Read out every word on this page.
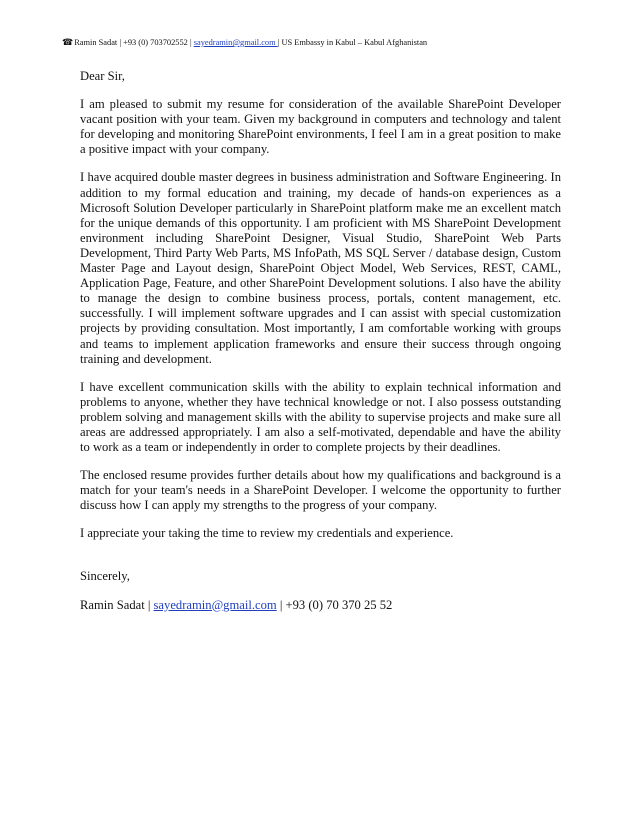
☎Ramin Sadat | +93 (0) 703702552 | sayedramin@gmail.com | US Embassy in Kabul – Kabul Afghanistan

Dear Sir,

I am pleased to submit my resume for consideration of the available SharePoint Developer vacant position with your team. Given my background in computers and technology and talent for developing and monitoring SharePoint environments, I feel I am in a great position to make a positive impact with your company.

I have acquired double master degrees in business administration and Software Engineering. In addition to my formal education and training, my decade of hands-on experiences as a Microsoft Solution Developer particularly in SharePoint platform make me an excellent match for the unique demands of this opportunity. I am proficient with MS SharePoint Development environment including SharePoint Designer, Visual Studio, SharePoint Web Parts Development, Third Party Web Parts, MS InfoPath, MS SQL Server / database design, Custom Master Page and Layout design, SharePoint Object Model, Web Services, REST, CAML, Application Page, Feature, and other SharePoint Development solutions. I also have the ability to manage the design to combine business process, portals, content management, etc. successfully. I will implement software upgrades and I can assist with special customization projects by providing consultation. Most importantly, I am comfortable working with groups and teams to implement application frameworks and ensure their success through ongoing training and development.

I have excellent communication skills with the ability to explain technical information and problems to anyone, whether they have technical knowledge or not. I also possess outstanding problem solving and management skills with the ability to supervise projects and make sure all areas are addressed appropriately. I am also a self-motivated, dependable and have the ability to work as a team or independently in order to complete projects by their deadlines.

The enclosed resume provides further details about how my qualifications and background is a match for your team's needs in a SharePoint Developer. I welcome the opportunity to further discuss how I can apply my strengths to the progress of your company.

I appreciate your taking the time to review my credentials and experience.

Sincerely,

Ramin Sadat | sayedramin@gmail.com | +93 (0) 70 370 25 52
